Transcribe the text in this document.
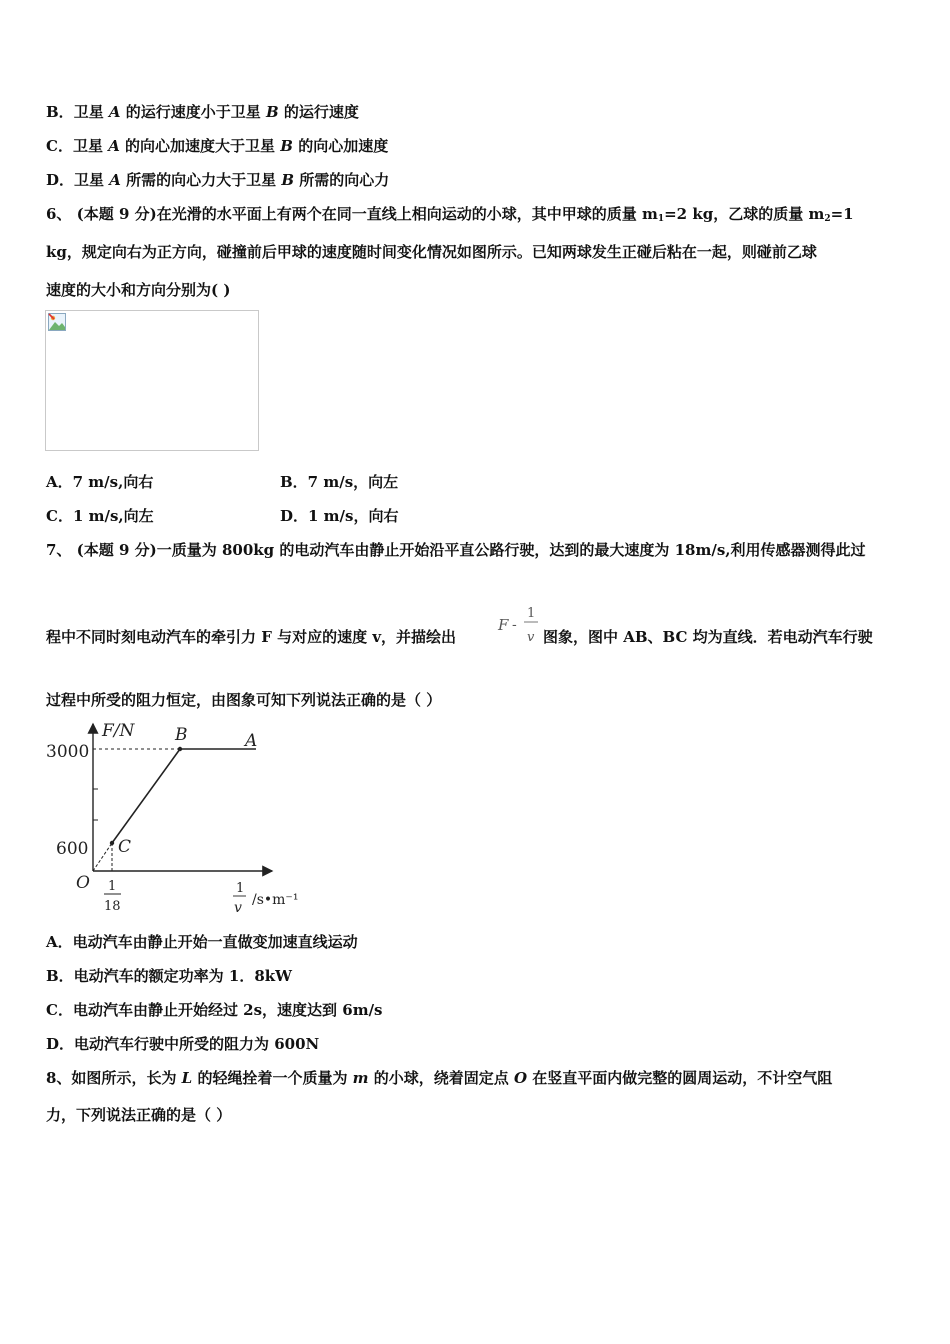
B．卫星 A 的运行速度小于卫星 B 的运行速度
C．卫星 A 的向心加速度大于卫星 B 的向心加速度
D．卫星 A 所需的向心力大于卫星 B 所需的向心力
6、 (本题 9 分)在光滑的水平面上有两个在同一直线上相向运动的小球，其中甲球的质量 $m_1=2$ kg，乙球的质量 $m_2=1$
kg，规定向右为正方向，碰撞前后甲球的速度随时间变化情况如图所示。已知两球发生正碰后粘在一起，则碰前乙球
速度的大小和方向分别为( )
A．7 m/s,向右	B．7 m/s，向左
C．1 m/s,向左	D．1 m/s，向右
7、 (本题 9 分)一质量为 800kg 的电动汽车由静止开始沿平直公路行驶，达到的最大速度为 18m/s,利用传感器测得此过
程中不同时刻电动汽车的牵引力 F 与对应的速度 v，并描绘出
F -
1
v 图象，图中 AB、BC 均为直线．若电动汽车行驶
过程中所受的阻力恒定，由图象可知下列说法正确的是（ ）
F/N
3000
600
O
B	A
C
1
18
1
v /s•m⁻¹
A．电动汽车由静止开始一直做变加速直线运动
B．电动汽车的额定功率为 1．8kW
C．电动汽车由静止开始经过 2s，速度达到 6m/s
D．电动汽车行驶中所受的阻力为 600N
8、如图所示，长为 L 的轻绳拴着一个质量为 m 的小球，绕着固定点 O 在竖直平面内做完整的圆周运动，不计空气阻
力，下列说法正确的是（ ）
